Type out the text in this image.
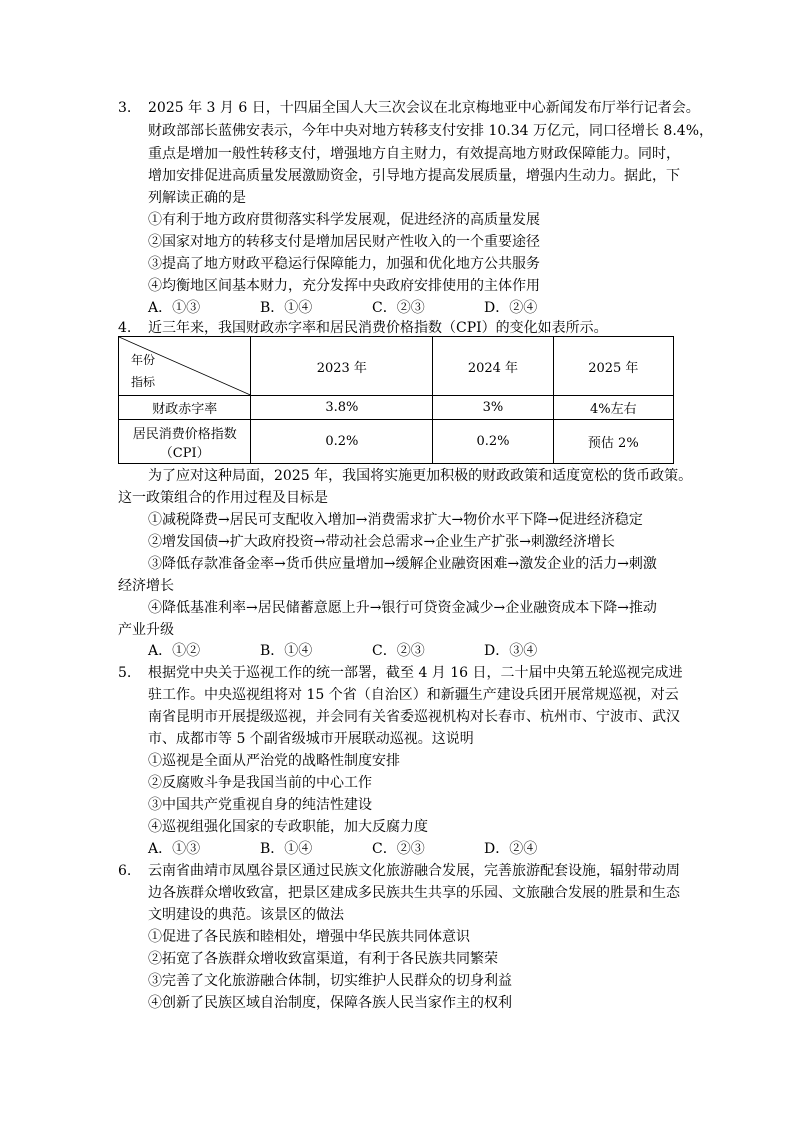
3. 2025 年 3 月 6 日，十四届全国人大三次会议在北京梅地亚中心新闻发布厅举行记者会。
财政部部长蓝佛安表示，今年中央对地方转移支付安排 10.34 万亿元，同口径增长 8.4%，
重点是增加一般性转移支付，增强地方自主财力，有效提高地方财政保障能力。同时，
增加安排促进高质量发展激励资金，引导地方提高发展质量，增强内生动力。据此，下
列解读正确的是
①有利于地方政府贯彻落实科学发展观，促进经济的高质量发展
②国家对地方的转移支付是增加居民财产性收入的一个重要途径
③提高了地方财政平稳运行保障能力，加强和优化地方公共服务
④均衡地区间基本财力，充分发挥中央政府安排使用的主体作用
A．①③	B．①④	C．②③	D．②④
4. 近三年来，我国财政赤字率和居民消费价格指数（CPI）的变化如表所示。
年份
指标	2023 年	2024 年	2025 年
财政赤字率	3.8%	3%	4%左右

居民消费价格指数
（CPI）	0.2%	0.2%	预估 2%
为了应对这种局面，2025 年，我国将实施更加积极的财政政策和适度宽松的货币政策。
这一政策组合的作用过程及目标是
①减税降费→居民可支配收入增加→消费需求扩大→物价水平下降→促进经济稳定
②增发国债→扩大政府投资→带动社会总需求→企业生产扩张→刺激经济增长
③降低存款准备金率→货币供应量增加→缓解企业融资困难→激发企业的活力→刺激
经济增长
④降低基准利率→居民储蓄意愿上升→银行可贷资金减少→企业融资成本下降→推动
产业升级
A．①②	B．①④	C．②③	D．③④
5. 根据党中央关于巡视工作的统一部署，截至 4 月 16 日，二十届中央第五轮巡视完成进
驻工作。中央巡视组将对 15 个省（自治区）和新疆生产建设兵团开展常规巡视，对云
南省昆明市开展提级巡视，并会同有关省委巡视机构对长春市、杭州市、宁波市、武汉
市、成都市等 5 个副省级城市开展联动巡视。这说明
①巡视是全面从严治党的战略性制度安排
②反腐败斗争是我国当前的中心工作
③中国共产党重视自身的纯洁性建设
④巡视组强化国家的专政职能，加大反腐力度
A．①③	B．①④	C．②③	D．②④
6. 云南省曲靖市凤凰谷景区通过民族文化旅游融合发展，完善旅游配套设施，辐射带动周
边各族群众增收致富，把景区建成多民族共生共享的乐园、文旅融合发展的胜景和生态
文明建设的典范。该景区的做法
①促进了各民族和睦相处，增强中华民族共同体意识
②拓宽了各族群众增收致富渠道，有利于各民族共同繁荣
③完善了文化旅游融合体制，切实维护人民群众的切身利益
④创新了民族区域自治制度，保障各族人民当家作主的权利
